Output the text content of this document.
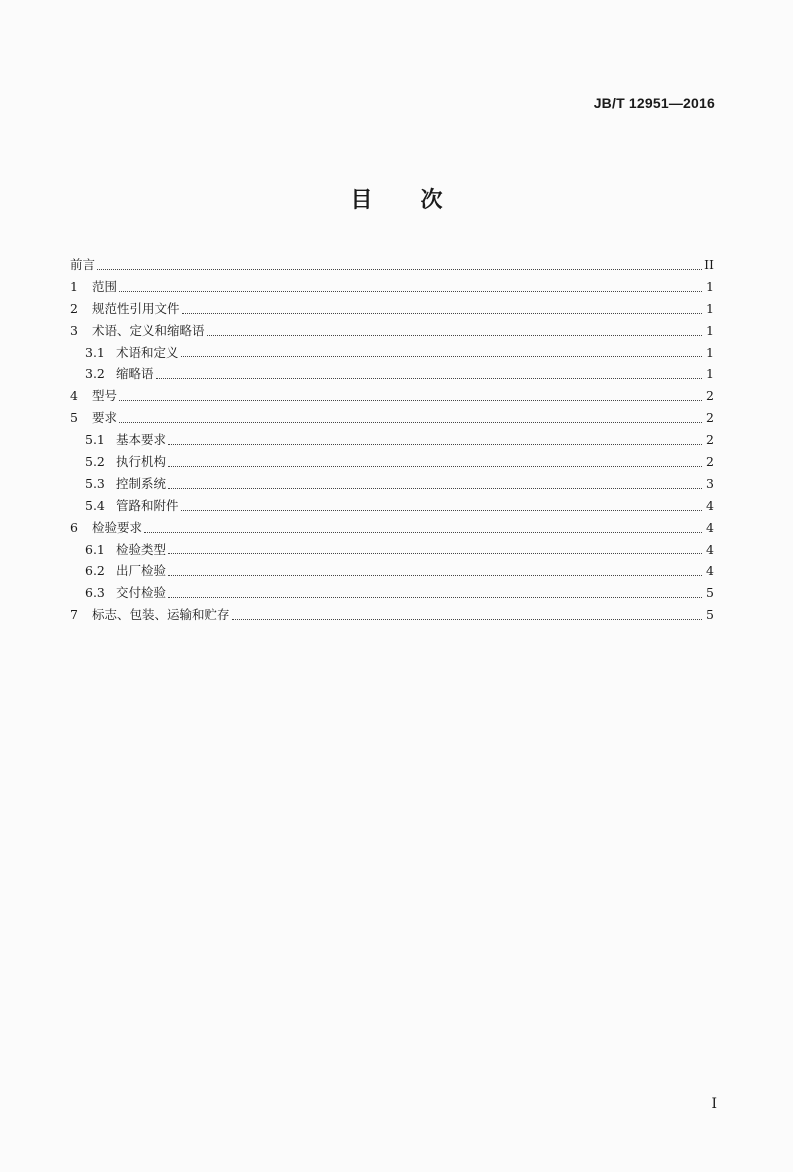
JB/T 12951—2016
目次
前言	II
1	范围	1
2	规范性引用文件	1
3	术语、定义和缩略语	1
3.1 术语和定义	1
3.2 缩略语	1
4	型号	2
5	要求	2
5.1 基本要求	2
5.2 执行机构	2
5.3 控制系统	3
5.4 管路和附件	4
6	检验要求	4
6.1 检验类型	4
6.2 出厂检验	4
6.3 交付检验	5
7	标志、包装、运输和贮存	5
I
